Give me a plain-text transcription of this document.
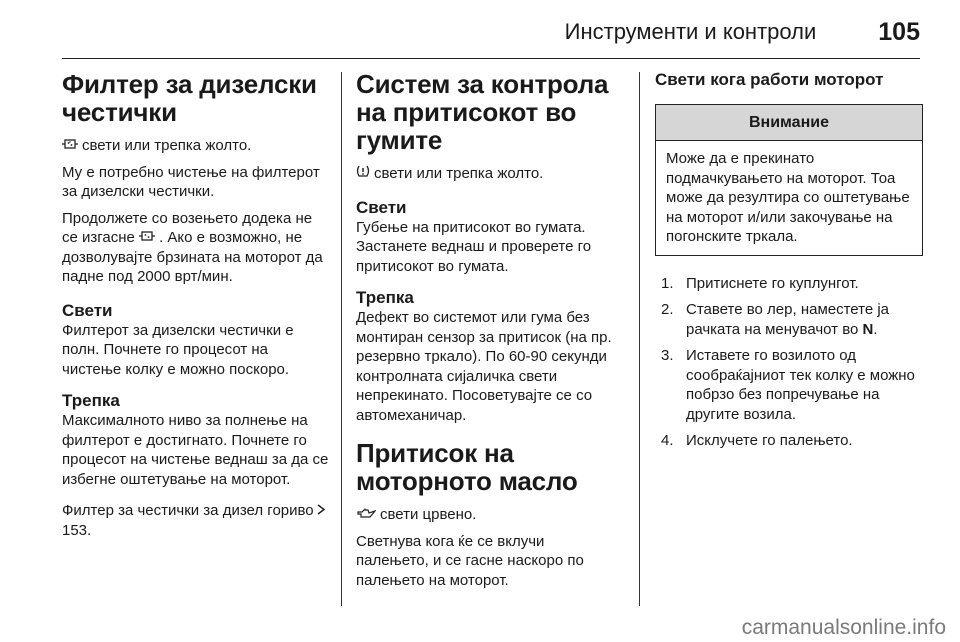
Инструменти и контроли 105
Филтер за дизелски честички

свети или трепка жолто.

Му е потребно чистење на филтерот за дизелски честички.

Продолжете со возењето додека не се изгасне . Ако е возможно, не дозволувајте брзината на моторот да падне под 2000 врт/мин.

Свети

Филтерот за дизелски честички е полн. Почнете го процесот на чистење колку е можно поскоро.

Трепка

Максималното ниво за полнење на филтерот е достигнато. Почнете го процесот на чистење веднаш за да се избегне оштетување на моторот.

Филтер за честички за дизел гориво153.

Систем за контрола на притисокот во гумите

свети или трепка жолто.

Свети

Губење на притисокот во гумата. Застанете веднаш и проверете го притисокот во гумата.

Трепка

Дефект во системот или гума без монтиран сензор за притисок (на пр. резервно тркало). По 60-90 секунди контролната сијаличка свети непрекинато. Посоветувајте се со автомеханичар.

Притисок на моторното масло

свети црвено.

Светнува кога ќе се вклучи палењето, и се гасне наскоро по палењето на моторот.

Свети кога работи моторот
Внимание

Може да е прекинато подмачкувањето на моторот. Тоа може да резултира со оштетување на моторот и/или закочување на погонските тркала.

1. Притиснете го куплунгот.
2. Ставете во лер, наместете ја рачката на менувачот во N.
3. Иставете го возилото од сообраќајниот тек колку е можно побрзо без попречување на другите возила.
4. Исклучете го палењето.
carmanualsonline.info
